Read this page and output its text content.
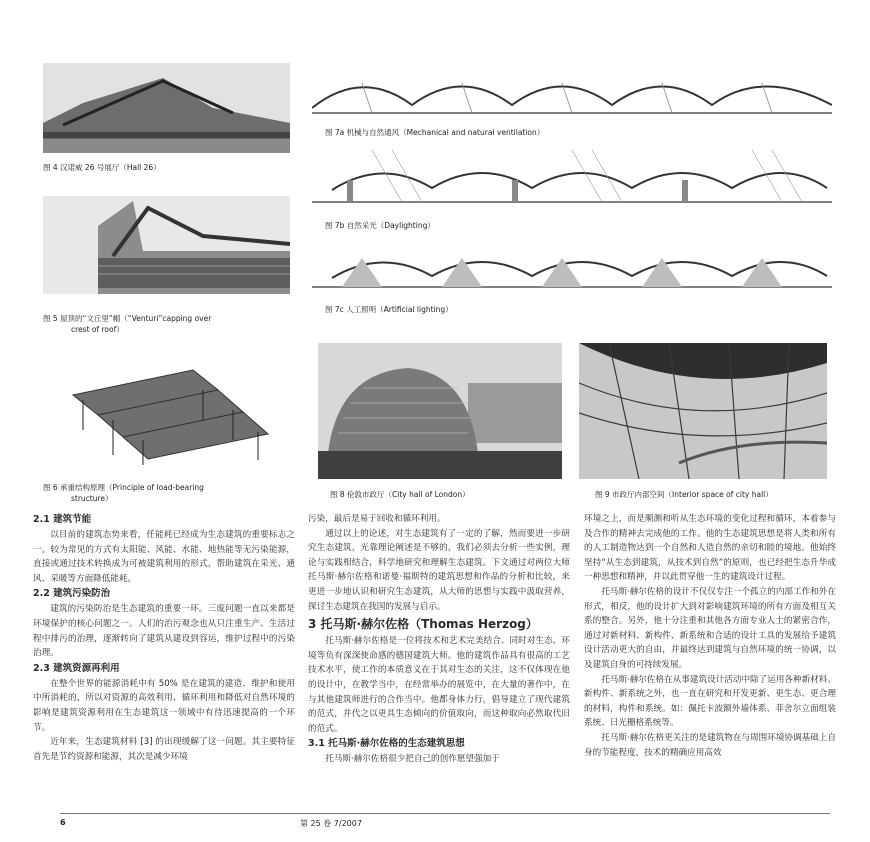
图 4 汉诺威 26 号展厅（Hall 26）
图 5 屋顶的“文丘里”帽（“Venturi”capping over
crest of roof）
图 6 承重结构原理（Principle of load-bearing
structure）
图 7a 机械与自然通风（Mechanical and natural ventilation）
图 7b 自然采光（Daylighting）
图 7c 人工照明（Artificial lighting）
图 8 伦敦市政厅（City hall of London）	图 9 市政厅内部空间（Interior space of city hall）

2.1 建筑节能

以目前的建筑态势来看，任能耗已经成为生态建筑的重要标志之一。较为常见的方式有太阳能、风能、水能、地热能等无污染能源，直接或通过技术转换成为可被建筑利用的形式，帮助建筑在采光、通风、采暖等方面降低能耗。

2.2 建筑污染防治

建筑的污染防治是生态建筑的重要一环。三废问题一直以来都是环境保护的核心问题之一。人们的治污观念也从只注重生产、生活过程中排污的治理，逐渐转向了建筑从建设到容运，维护过程中的污染治理。

2.3 建筑资源再利用

在整个世界的能源消耗中有 50% 是在建筑的建造、维护和使用中所消耗的，所以对资源的高效利用、循环利用和降低对自然环境的影响是建筑资源利用在生态建筑这一领域中有待迅速提高的一个环节。

近年来，生态建筑材料 [3] 的出现缓解了这一问题。其主要特征首先是节约资源和能源，其次是减少环境

污染，最后是易于回收和循环利用。

通过以上的论述，对生态建筑有了一定的了解，然而要进一步研究生态建筑，光靠理论阐述是不够的，我们必须去分析一些实例，理论与实践相结合，科学地研究和理解生态建筑。下文通过对两位大师托马斯·赫尔佐格和诺曼·福斯特的建筑思想和作品的分析和比较，来更进一步地认识和研究生态建筑，从大师的思想与实践中汲取营养，探讨生态建筑在我国的发展与启示。

3 托马斯·赫尔佐格（Thomas Herzog）

托马斯·赫尔佐格是一位将技术和艺术完美结合、同时对生态、环境等负有深深使命感的德国建筑大师。他的建筑作品具有很高的工艺技术水平，使工作的本质意义在于其对生态的关注，这不仅体现在他的设计中，在教学当中，在经常举办的展览中，在大量的著作中，在与其他建筑师进行的合作当中。他都身体力行，倡导建立了现代建筑的范式，并代之以更具生态倾向的价值取向，而这种取向必然取代旧的范式。

3.1 托马斯·赫尔佐格的生态建筑思想

托马斯·赫尔佐格很少把自己的创作愿望强加于

环境之上，而是顺测和听从生态环境的变化过程和循环，本着参与及合作的精神去完成他的工作。他的生态建筑思想是将人类和所有的人工制造物达到一个自然和人造自然的亲切和睦的境地。他始终坚持“从生态到建筑，从技术到自然”的原则，也已经把生态升华成一种思想和精神，并以此贯穿他一生的建筑设计过程。

托马斯·赫尔佐格的设计不仅仅专注一个孤立的内部工作和外在形式，相反，他的设计扩大到对影响建筑环境的所有方面及相互关系的整合。另外，他十分注重和其他各方面专业人士的紧密合作，通过对新材料、新构件、新系统和合适的设计工具的发展给予建筑设计活动更大的自由，并最终达到建筑与自然环境的统一协调，以及建筑自身的可持续发展。

托马斯·赫尔佐格在从事建筑设计活动中除了运用各种新材料、新构件、新系统之外，也一直在研究和开发更新、更生态、更合理的材料，构件和系统。如：佩托卡波额外墙体系、菲舍尔立面组装系统、日光栅格系统等。

托马斯·赫尔佐格更关注的是建筑物在与周围环境协调基础上自身的节能程度，技术的精确应用高效

6	第 25 卷 7/2007
